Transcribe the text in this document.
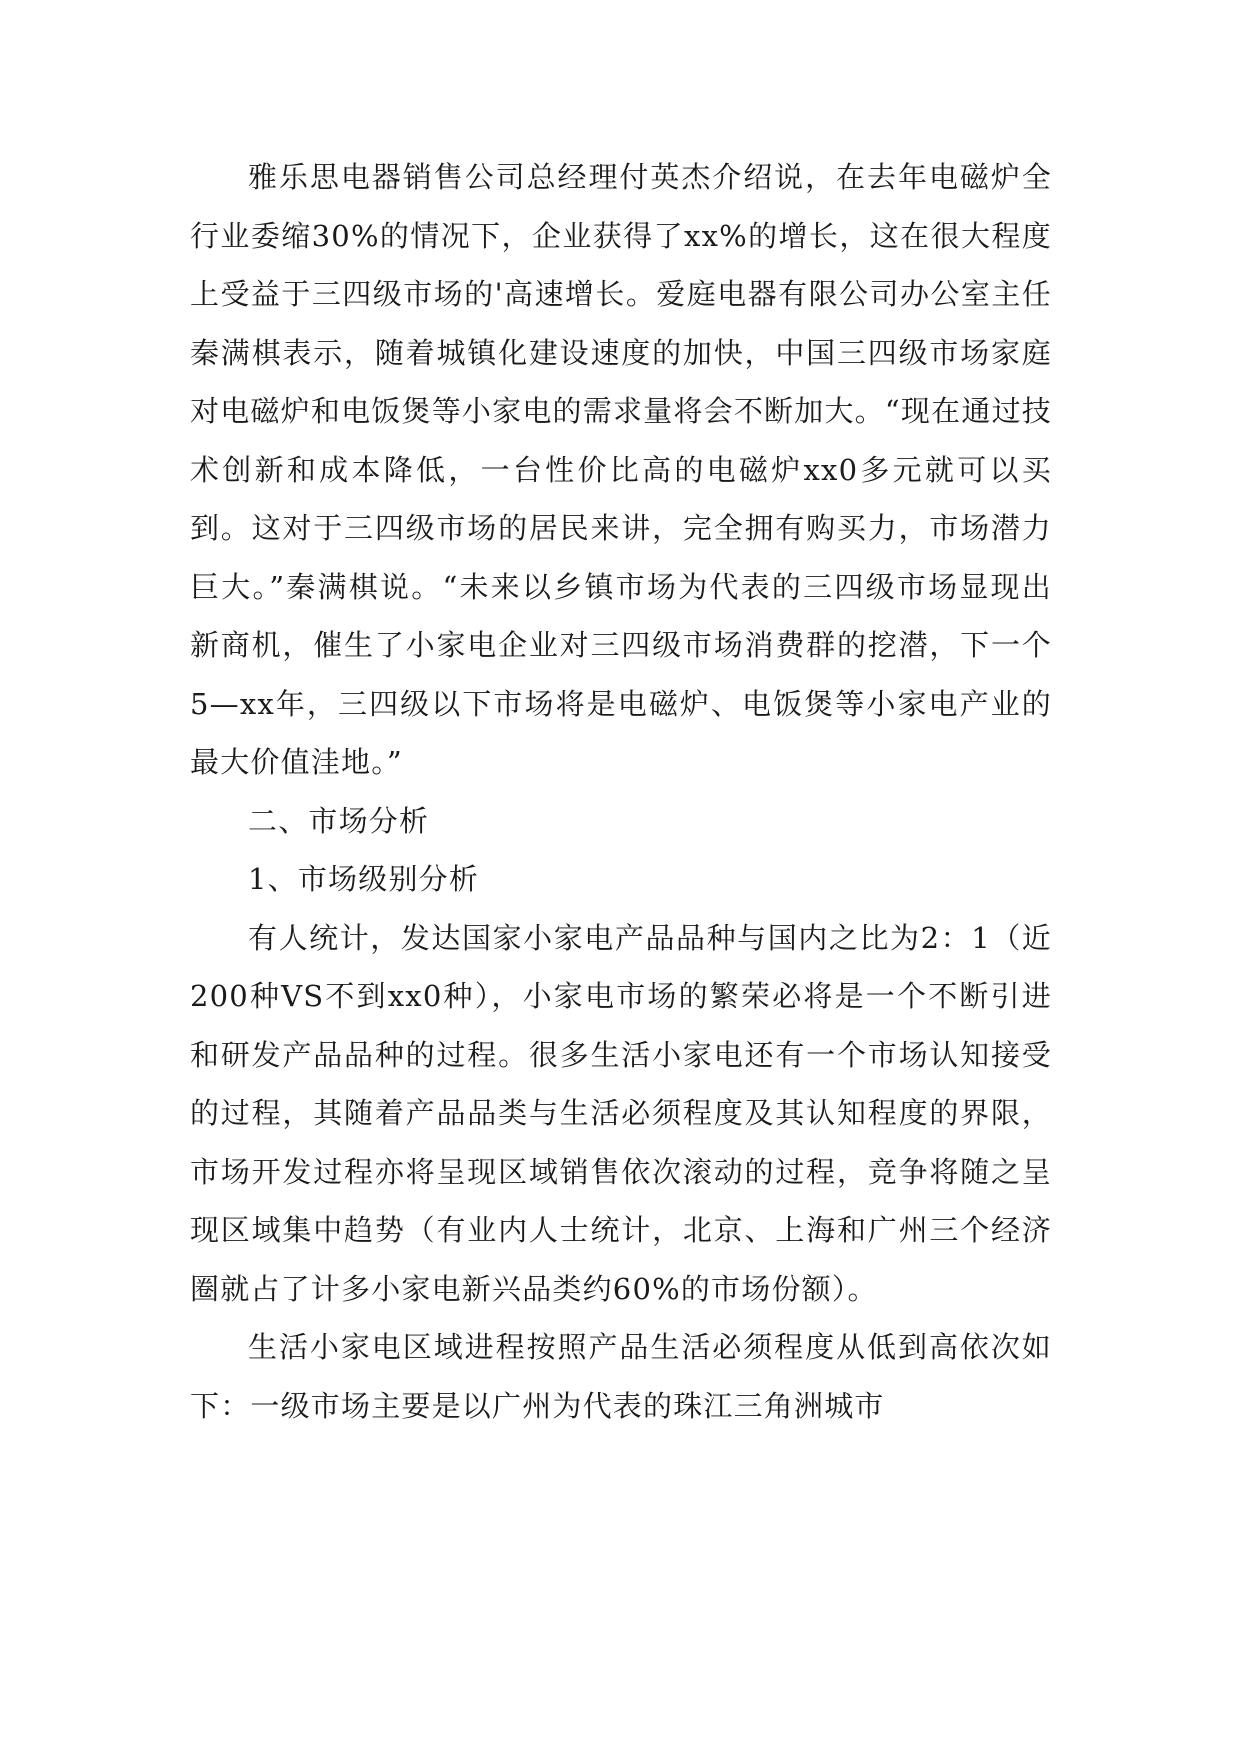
雅乐思电器销售公司总经理付英杰介绍说，在去年电磁炉全行业委缩30%的情况下，企业获得了xx%的增长，这在很大程度上受益于三四级市场的'高速增长。爱庭电器有限公司办公室主任秦满棋表示，随着城镇化建设速度的加快，中国三四级市场家庭对电磁炉和电饭煲等小家电的需求量将会不断加大。“现在通过技术创新和成本降低，一台性价比高的电磁炉xx0多元就可以买到。这对于三四级市场的居民来讲，完全拥有购买力，市场潜力巨大。”秦满棋说。“未来以乡镇市场为代表的三四级市场显现出新商机，催生了小家电企业对三四级市场消费群的挖潜，下一个5—xx年，三四级以下市场将是电磁炉、电饭煲等小家电产业的最大价值洼地。”

二、市场分析

1、市场级别分析

有人统计，发达国家小家电产品品种与国内之比为2：1（近200种VS不到xx0种），小家电市场的繁荣必将是一个不断引进和研发产品品种的过程。很多生活小家电还有一个市场认知接受的过程，其随着产品品类与生活必须程度及其认知程度的界限，市场开发过程亦将呈现区域销售依次滚动的过程，竞争将随之呈现区域集中趋势（有业内人士统计，北京、上海和广州三个经济圈就占了计多小家电新兴品类约60%的市场份额）。

生活小家电区域进程按照产品生活必须程度从低到高依次如下：一级市场主要是以广州为代表的珠江三角洲城市
